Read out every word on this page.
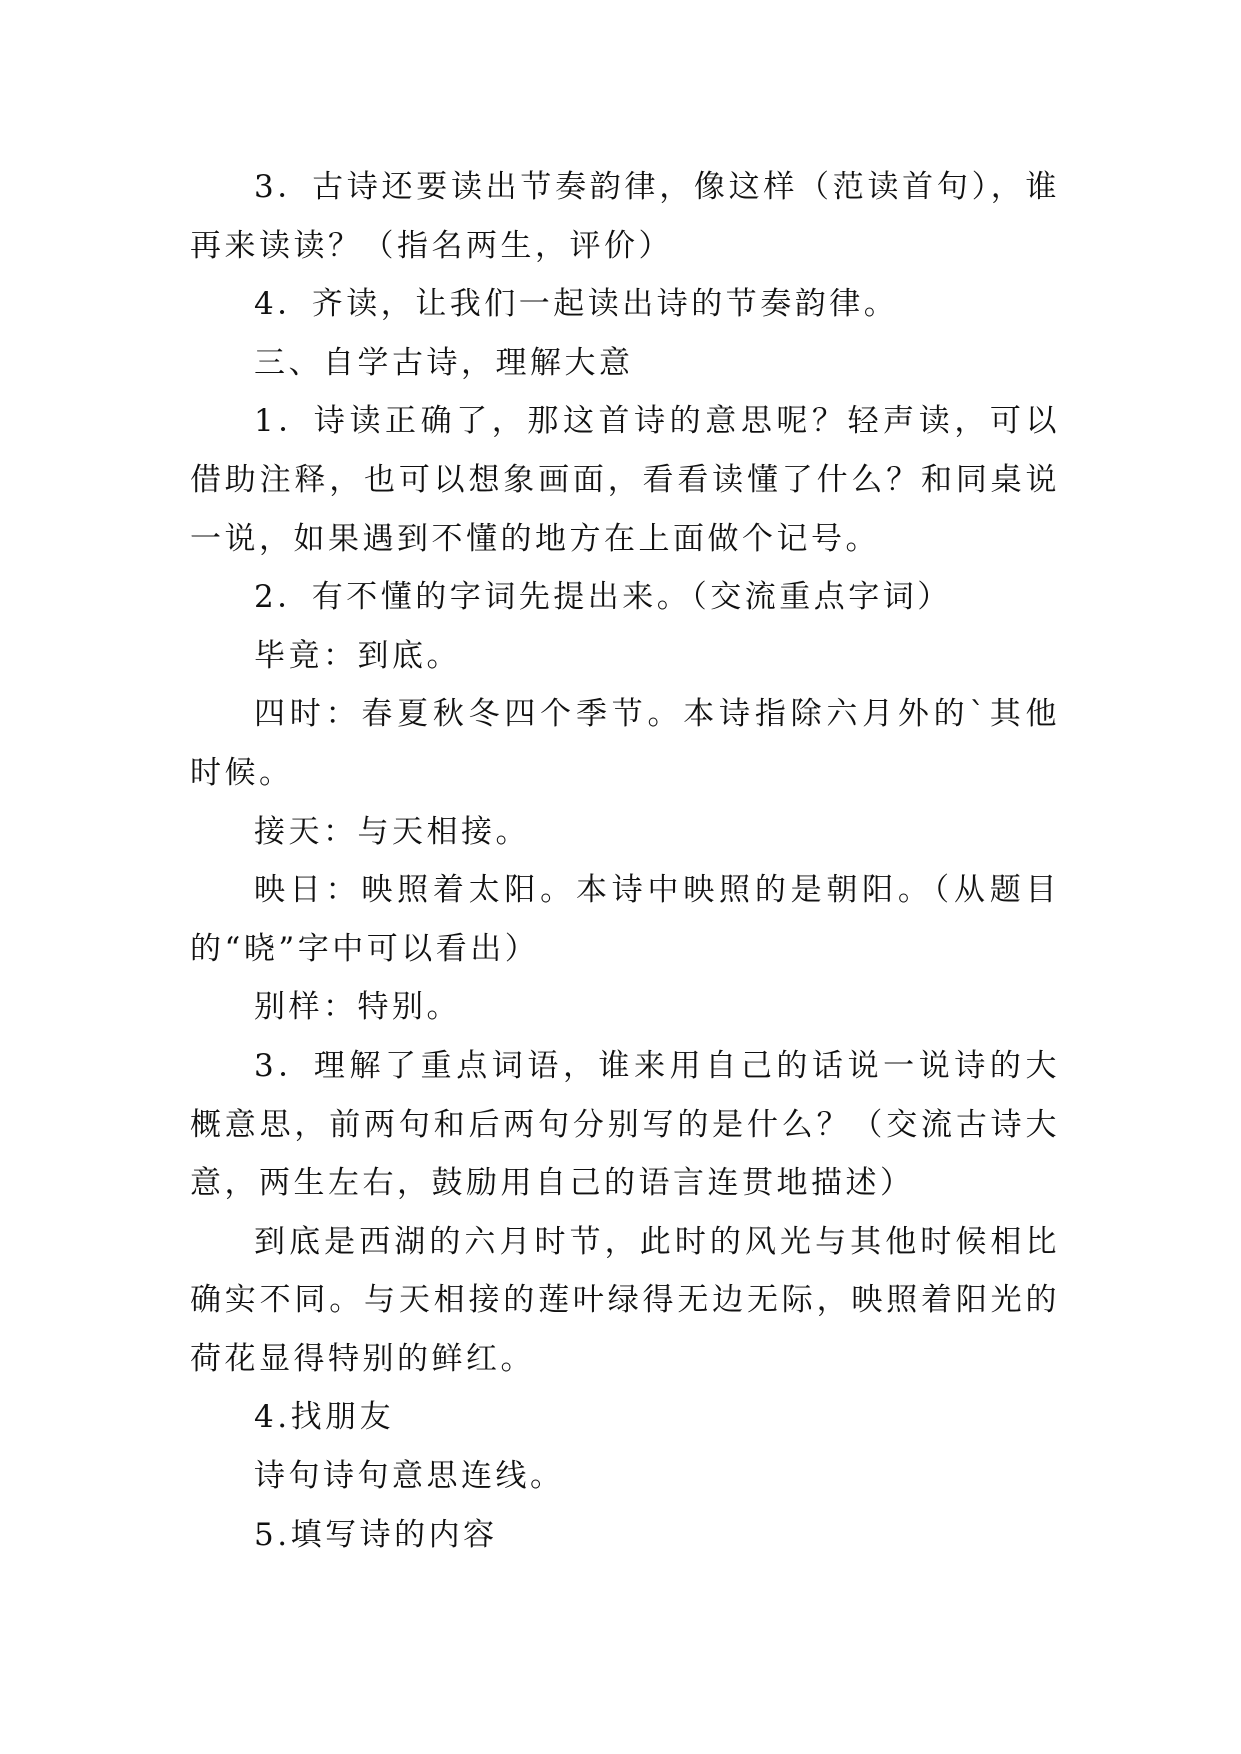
3．古诗还要读出节奏韵律，像这样（范读首句），谁再来读读？（指名两生，评价）

4．齐读，让我们一起读出诗的节奏韵律。

三、自学古诗，理解大意

1．诗读正确了，那这首诗的意思呢？轻声读，可以借助注释，也可以想象画面，看看读懂了什么？和同桌说一说，如果遇到不懂的地方在上面做个记号。

2．有不懂的字词先提出来。（交流重点字词）

毕竟：到底。

四时：春夏秋冬四个季节。本诗指除六月外的`其他时候。

接天：与天相接。

映日：映照着太阳。本诗中映照的是朝阳。（从题目的“晓”字中可以看出）

别样：特别。

3．理解了重点词语，谁来用自己的话说一说诗的大概意思，前两句和后两句分别写的是什么？（交流古诗大意，两生左右，鼓励用自己的语言连贯地描述）

到底是西湖的六月时节，此时的风光与其他时候相比确实不同。与天相接的莲叶绿得无边无际，映照着阳光的荷花显得特别的鲜红。

4.找朋友

诗句诗句意思连线。

5.填写诗的内容
